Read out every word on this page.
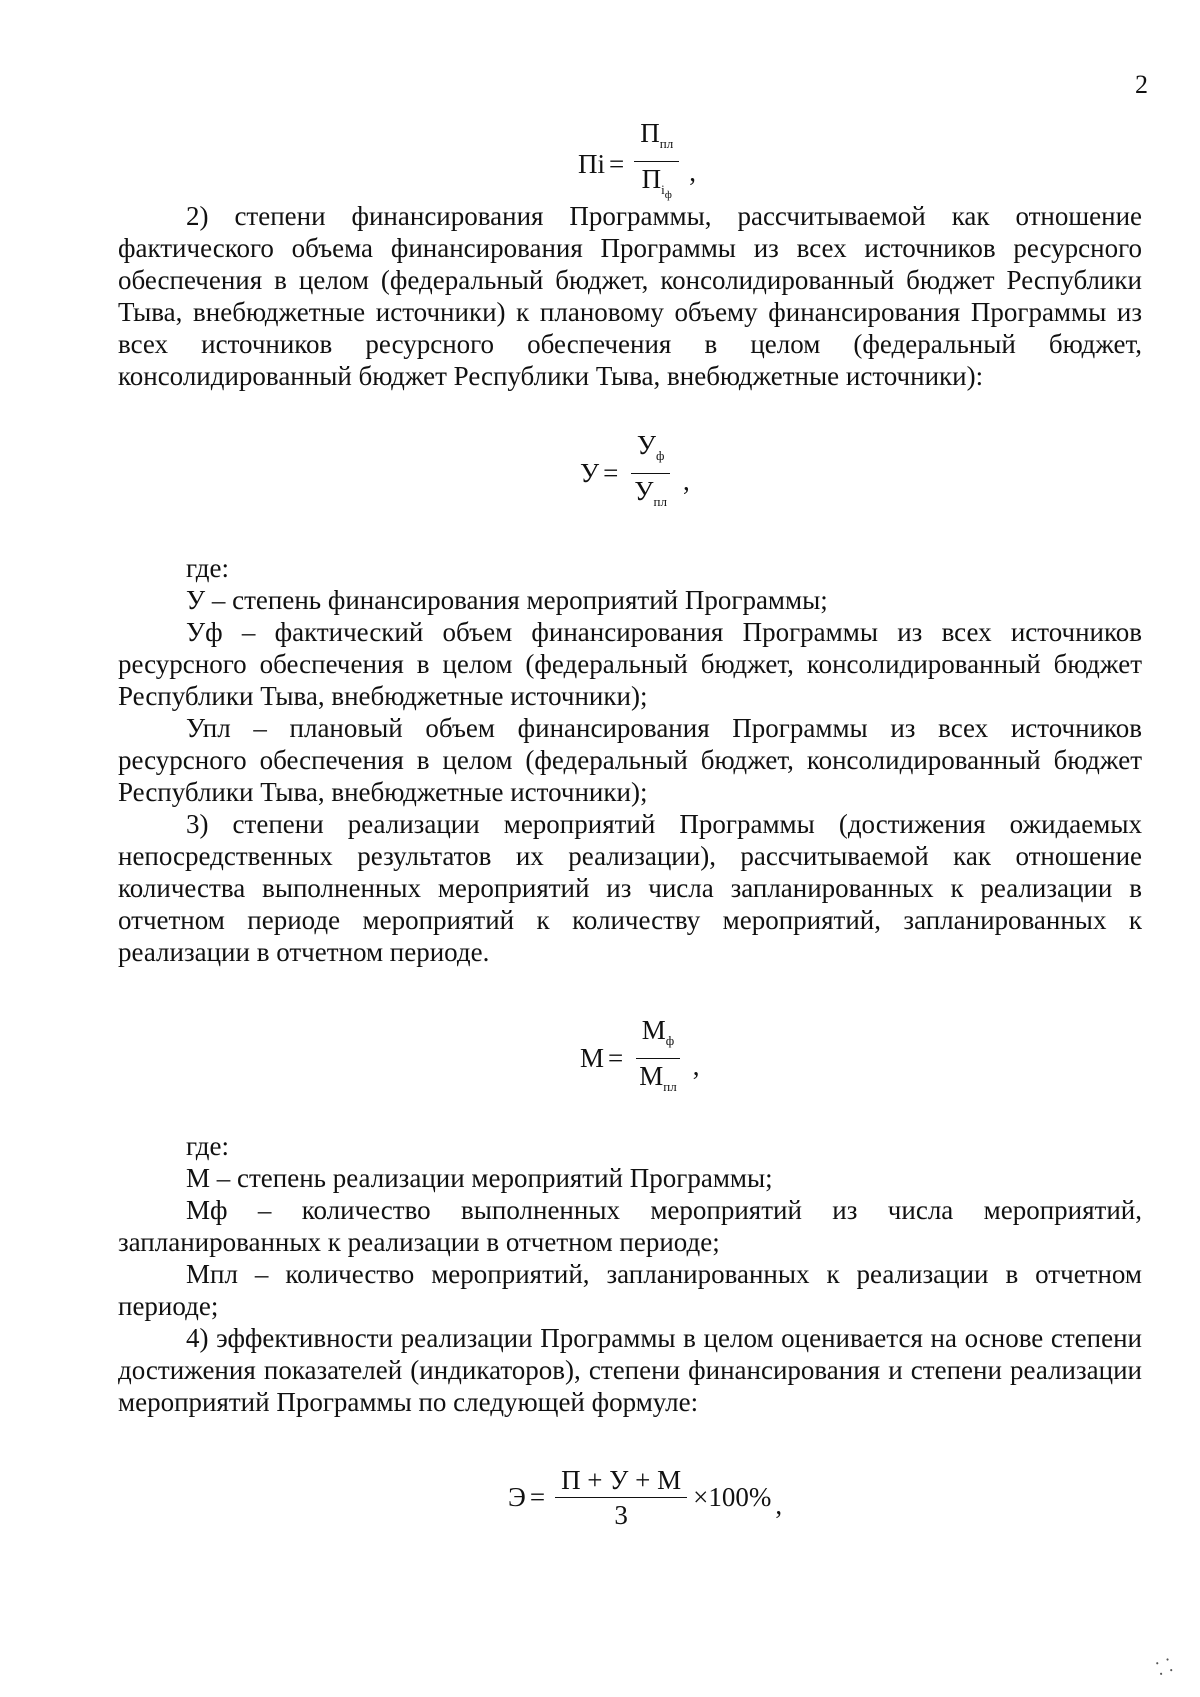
2
Пi = $\frac{П_{пл}}{П_{iф}}$ ,

2) степени финансирования Программы, рассчитываемой как отношение фактического объема финансирования Программы из всех источников ресурсного обеспечения в целом (федеральный бюджет, консолидированный бюджет Республики Тыва, внебюджетные источники) к плановому объему финансирования Программы из всех источников ресурсного обеспечения в целом (федеральный бюджет, консолидированный бюджет Республики Тыва, внебюджетные источники):

$У = \frac{У_ф}{У_{пл}}$ ,

где:

У – степень финансирования мероприятий Программы;

Уф – фактический объем финансирования Программы из всех источников ресурсного обеспечения в целом (федеральный бюджет, консолидированный бюджет Республики Тыва, внебюджетные источники);

Упл – плановый объем финансирования Программы из всех источников ресурсного обеспечения в целом (федеральный бюджет, консолидированный бюджет Республики Тыва, внебюджетные источники);

3) степени реализации мероприятий Программы (достижения ожидаемых непосредственных результатов их реализации), рассчитываемой как отношение количества выполненных мероприятий из числа запланированных к реализации в отчетном периоде мероприятий к количеству мероприятий, запланированных к реализации в отчетном периоде.

$М = \frac{М_ф}{М_{пл}}$ ,

где:

М – степень реализации мероприятий Программы;

Мф – количество выполненных мероприятий из числа мероприятий, запланированных к реализации в отчетном периоде;

Мпл – количество мероприятий, запланированных к реализации в отчетном периоде;

4) эффективности реализации Программы в целом оценивается на основе степени достижения показателей (индикаторов), степени финансирования и степени реализации мероприятий Программы по следующей формуле:

$Э = \frac{П + У + М}{3} \times 100\%$ ,
⸬
